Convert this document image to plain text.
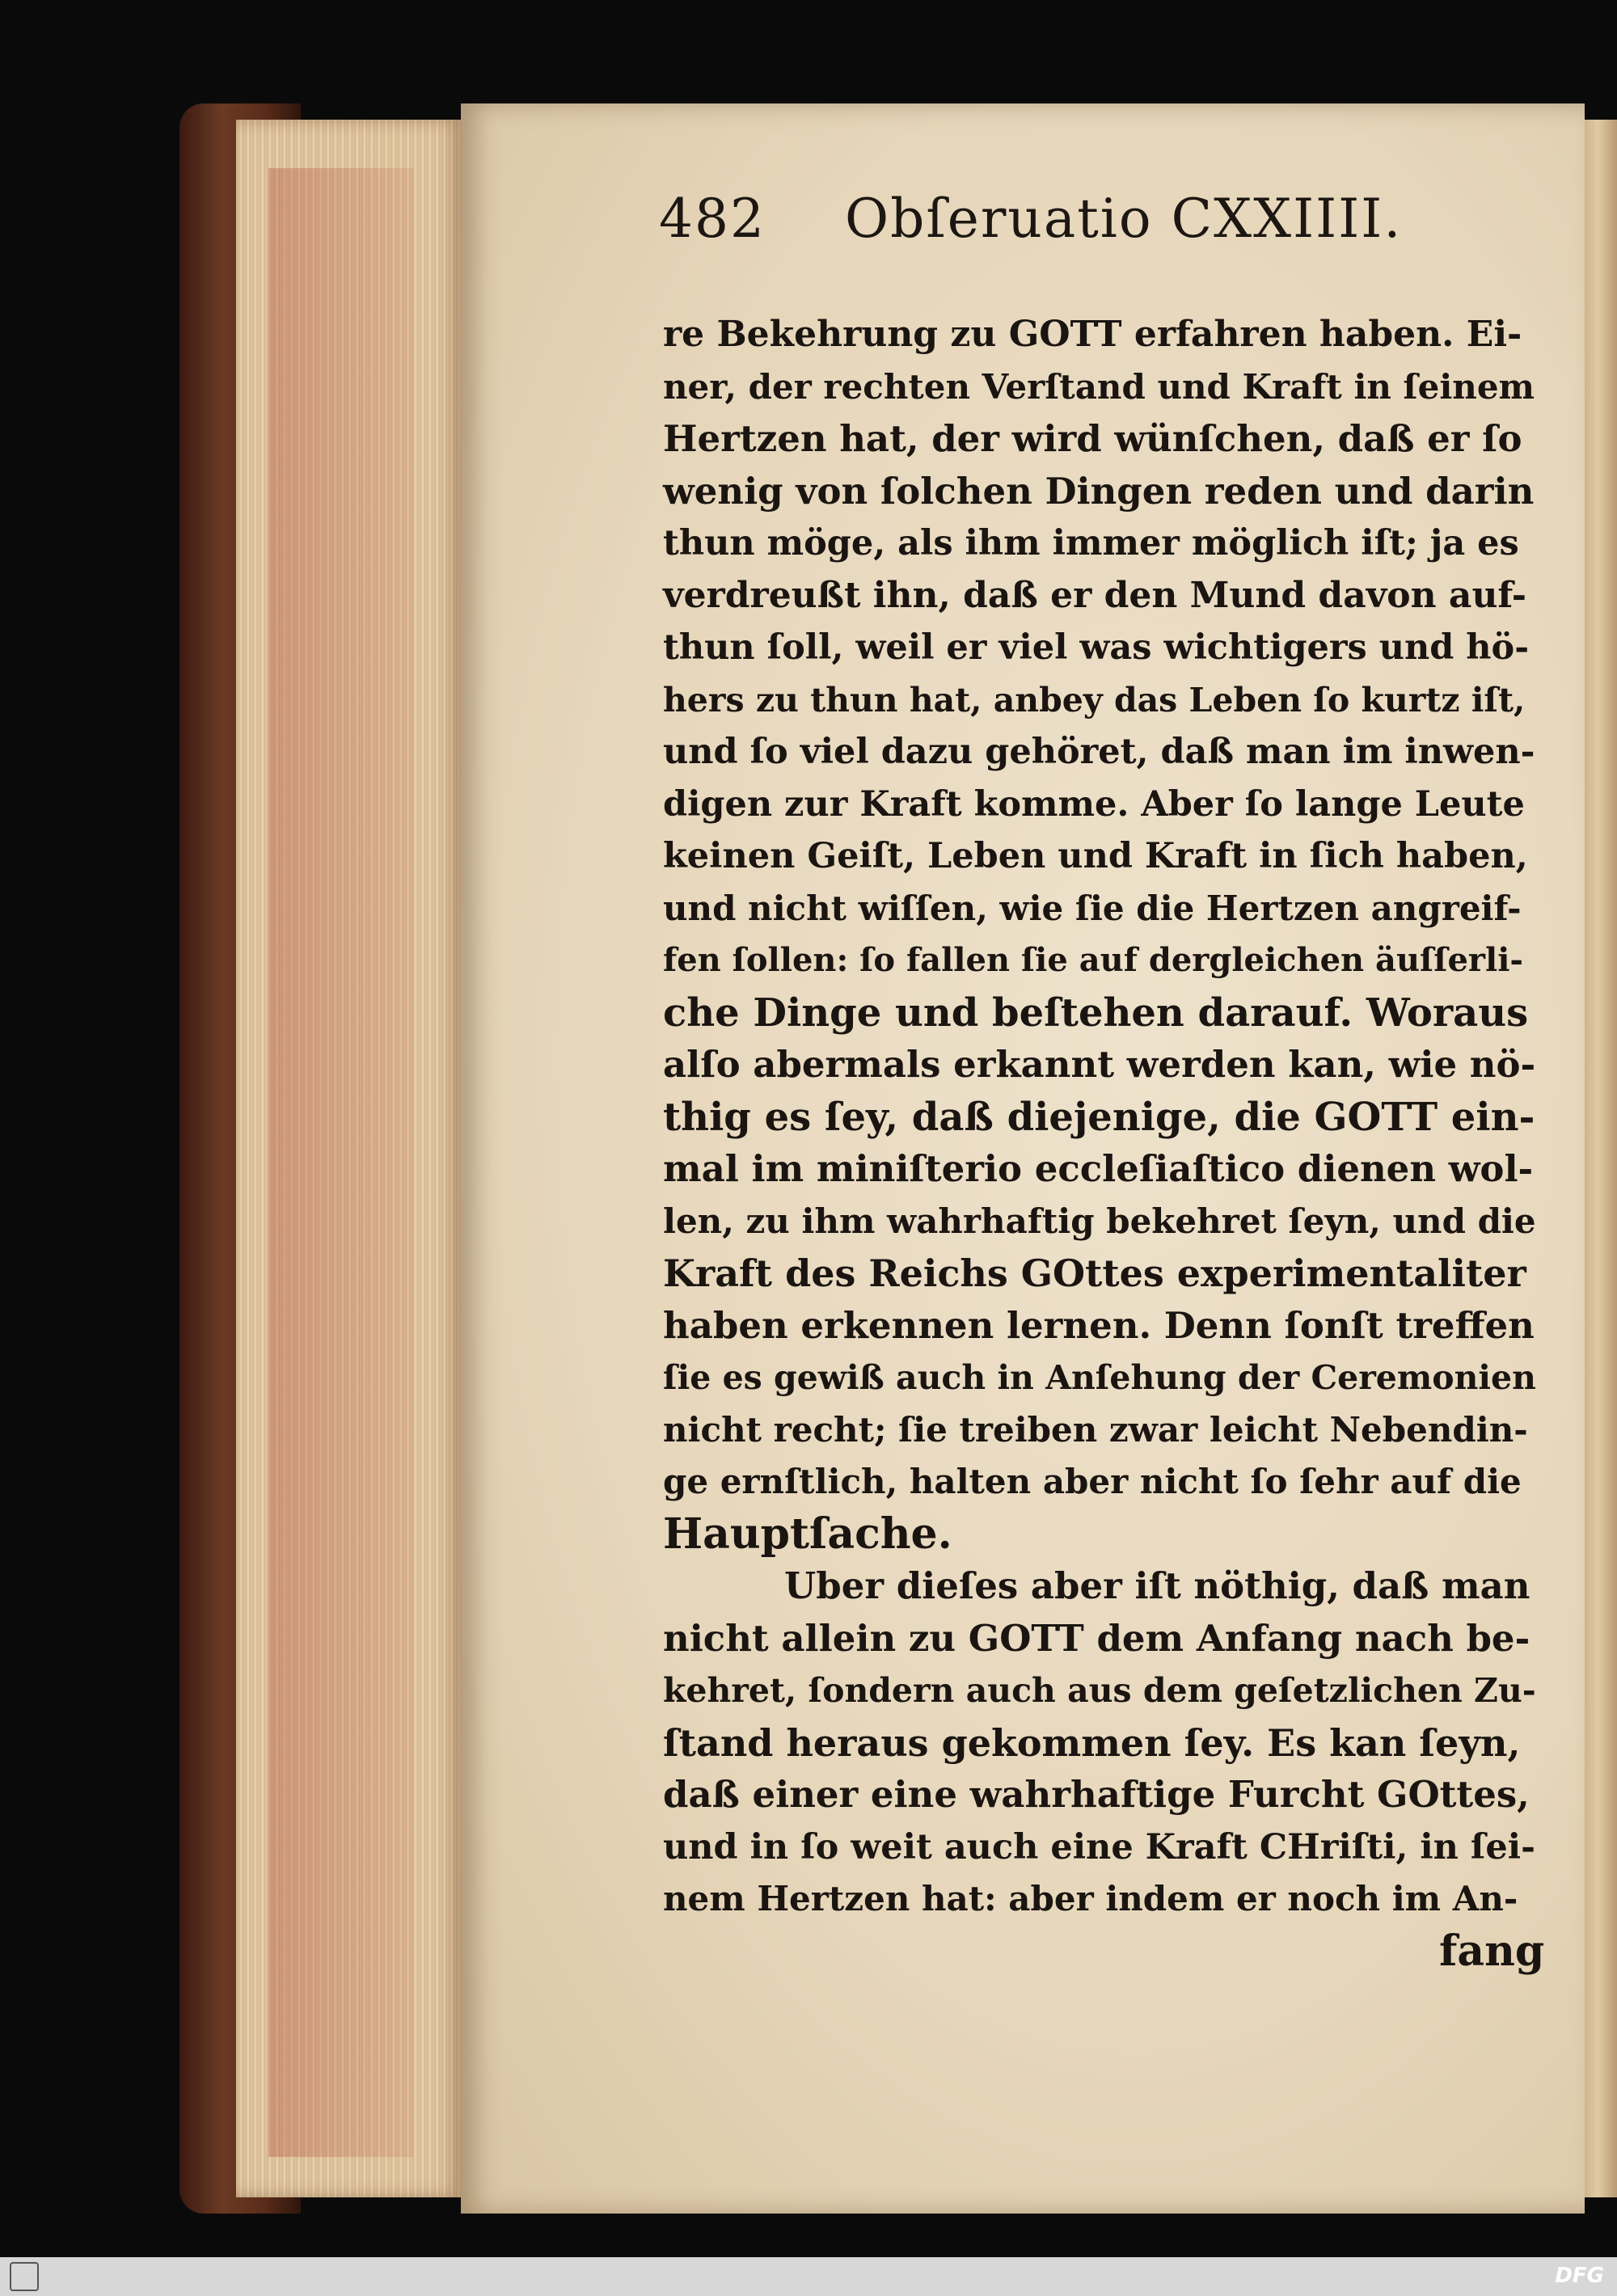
482 Obſeruatio CXXIIII.
re Bekehrung zu GOTT erfahren haben. Ei-
ner, der rechten Verſtand und Kraft in ſeinem
Hertzen hat, der wird wünſchen, daß er ſo
wenig von ſolchen Dingen reden und darin
thun möge, als ihm immer möglich iſt; ja es
verdreußt ihn, daß er den Mund davon auf-
thun ſoll, weil er viel was wichtigers und hö-
hers zu thun hat, anbey das Leben ſo kurtz iſt,
und ſo viel dazu gehöret, daß man im inwen-
digen zur Kraft komme. Aber ſo lange Leute
keinen Geiſt, Leben und Kraft in ſich haben,
und nicht wiſſen, wie ſie die Hertzen angreif-
fen ſollen: ſo fallen ſie auf dergleichen äuſſerli-
che Dinge und beſtehen darauf. Woraus
alſo abermals erkannt werden kan, wie nö-
thig es ſey, daß diejenige, die GOTT ein-
mal im miniſterio eccleſiaſtico dienen wol-
len, zu ihm wahrhaftig bekehret ſeyn, und die
Kraft des Reichs GOttes experimentaliter
haben erkennen lernen. Denn ſonſt treffen
ſie es gewiß auch in Anſehung der Ceremonien
nicht recht; ſie treiben zwar leicht Nebendin-
ge ernſtlich, halten aber nicht ſo ſehr auf die
Hauptſache.
Uber dieſes aber iſt nöthig, daß man
nicht allein zu GOTT dem Anfang nach be-
kehret, ſondern auch aus dem geſetzlichen Zu-
ſtand heraus gekommen ſey. Es kan ſeyn,
daß einer eine wahrhaftige Furcht GOttes,
und in ſo weit auch eine Kraft CHriſti, in ſei-
nem Hertzen hat: aber indem er noch im An-
fang
DFG
